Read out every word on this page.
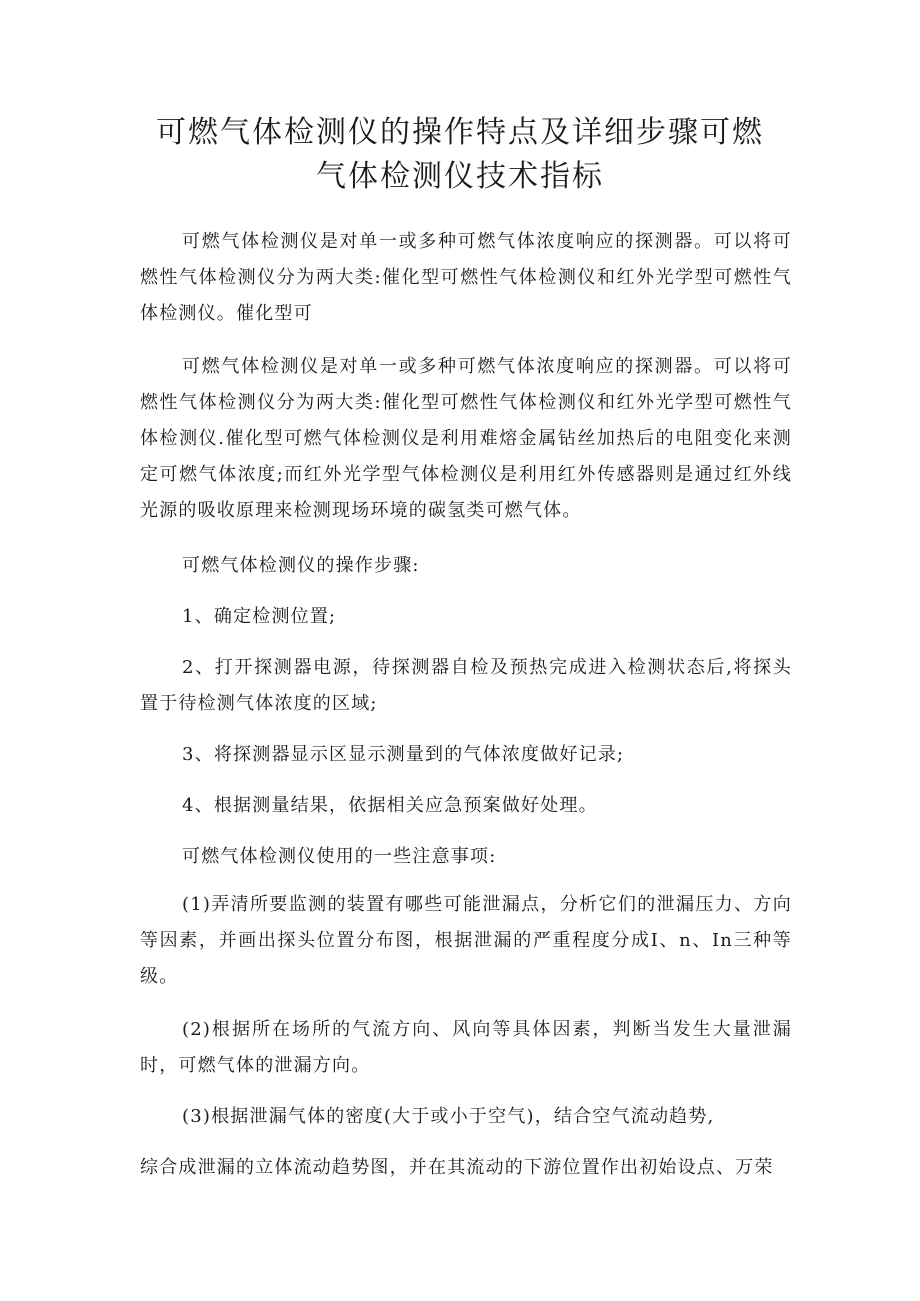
可燃气体检测仪的操作特点及详细步骤可燃
气体检测仪技术指标

可燃气体检测仪是对单一或多种可燃气体浓度响应的探测器。可以将可燃性气体检测仪分为两大类:催化型可燃性气体检测仪和红外光学型可燃性气体检测仪。催化型可

可燃气体检测仪是对单一或多种可燃气体浓度响应的探测器。可以将可燃性气体检测仪分为两大类:催化型可燃性气体检测仪和红外光学型可燃性气体检测仪.催化型可燃气体检测仪是利用难熔金属钻丝加热后的电阻变化来测定可燃气体浓度;而红外光学型气体检测仪是利用红外传感器则是通过红外线光源的吸收原理来检测现场环境的碳氢类可燃气体。

可燃气体检测仪的操作步骤:

1、确定检测位置;

2、打开探测器电源，待探测器自检及预热完成进入检测状态后,将探头置于待检测气体浓度的区域;

3、将探测器显示区显示测量到的气体浓度做好记录;

4、根据测量结果，依据相关应急预案做好处理。

可燃气体检测仪使用的一些注意事项:

(1)弄清所要监测的装置有哪些可能泄漏点，分析它们的泄漏压力、方向等因素，并画出探头位置分布图，根据泄漏的严重程度分成I、n、In三种等级。

(2)根据所在场所的气流方向、风向等具体因素，判断当发生大量泄漏时，可燃气体的泄漏方向。

(3)根据泄漏气体的密度(大于或小于空气)，结合空气流动趋势,

综合成泄漏的立体流动趋势图，并在其流动的下游位置作出初始设点、万荣
